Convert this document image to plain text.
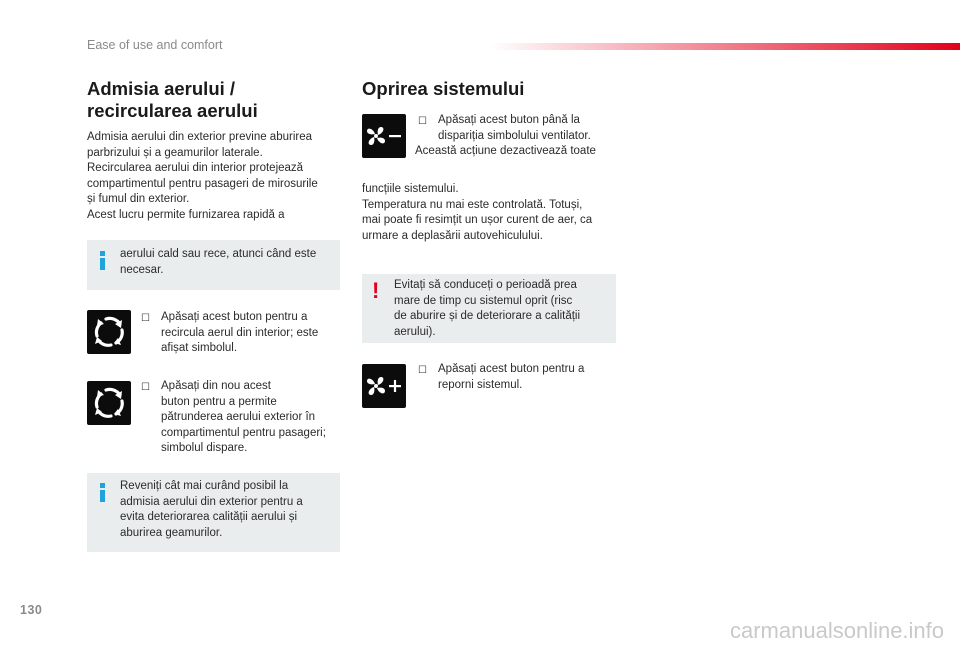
Ease of use and comfort
Admisia aerului /
recircularea aerului
Admisia aerului din exterior previne aburirea
parbrizului și a geamurilor laterale.
Recircularea aerului din interior protejează
compartimentul pentru pasageri de mirosurile
și fumul din exterior.
Acest lucru permite furnizarea rapidă a
aerului cald sau rece, atunci când este
necesar.
☐ Apăsați acest buton pentru a
recircula aerul din interior; este
afișat simbolul.
☐ Apăsați din nou acest
buton pentru a permite
pătrunderea aerului exterior în
compartimentul pentru pasageri;
simbolul dispare.
Reveniți cât mai curând posibil la
admisia aerului din exterior pentru a
evita deteriorarea calității aerului și
aburirea geamurilor.
Oprirea sistemului
☐ Apăsați acest buton până la
dispariția simbolului ventilator.
Această acțiune dezactivează toate
funcțiile sistemului.
Temperatura nu mai este controlată. Totuși,
mai poate fi resimțit un ușor curent de aer, ca
urmare a deplasării autovehiculului.
! Evitați să conduceți o perioadă prea
mare de timp cu sistemul oprit (risc
de aburire și de deteriorare a calității
aerului).
☐ Apăsați acest buton pentru a
reporni sistemul.
130
carmanualsonline.info
